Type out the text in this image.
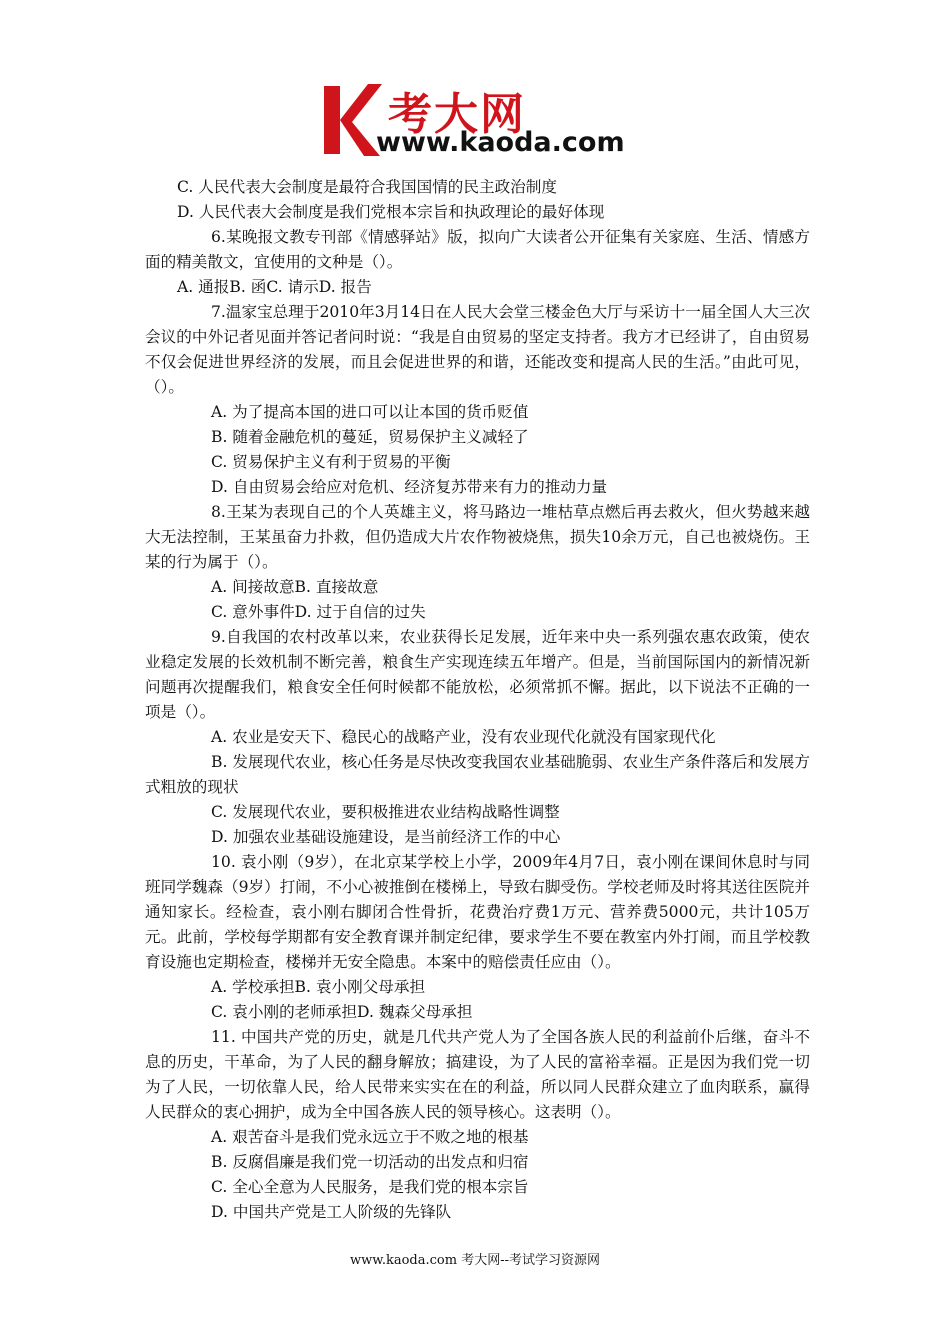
考大网
www.kaoda.com

C. 人民代表大会制度是最符合我国国情的民主政治制度

D. 人民代表大会制度是我们党根本宗旨和执政理论的最好体现

6.某晚报文教专刊部《情感驿站》版，拟向广大读者公开征集有关家庭、生活、情感方面的精美散文，宜使用的文种是（）。

A. 通报B. 函C. 请示D. 报告

7.温家宝总理于2010年3月14日在人民大会堂三楼金色大厅与采访十一届全国人大三次会议的中外记者见面并答记者问时说：“我是自由贸易的坚定支持者。我方才已经讲了，自由贸易不仅会促进世界经济的发展，而且会促进世界的和谐，还能改变和提高人民的生活。”由此可见，（）。

A. 为了提高本国的进口可以让本国的货币贬值

B. 随着金融危机的蔓延，贸易保护主义减轻了

C. 贸易保护主义有利于贸易的平衡

D. 自由贸易会给应对危机、经济复苏带来有力的推动力量

8.王某为表现自己的个人英雄主义，将马路边一堆枯草点燃后再去救火，但火势越来越大无法控制，王某虽奋力扑救，但仍造成大片农作物被烧焦，损失10余万元，自己也被烧伤。王某的行为属于（）。

A. 间接故意B. 直接故意

C. 意外事件D. 过于自信的过失

9.自我国的农村改革以来，农业获得长足发展，近年来中央一系列强农惠农政策，使农业稳定发展的长效机制不断完善，粮食生产实现连续五年增产。但是，当前国际国内的新情况新问题再次提醒我们，粮食安全任何时候都不能放松，必须常抓不懈。据此，以下说法不正确的一项是（）。

A. 农业是安天下、稳民心的战略产业，没有农业现代化就没有国家现代化

B. 发展现代农业，核心任务是尽快改变我国农业基础脆弱、农业生产条件落后和发展方式粗放的现状

C. 发展现代农业，要积极推进农业结构战略性调整

D. 加强农业基础设施建设，是当前经济工作的中心

10. 袁小刚（9岁），在北京某学校上小学，2009年4月7日，袁小刚在课间休息时与同班同学魏森（9岁）打闹，不小心被推倒在楼梯上，导致右脚受伤。学校老师及时将其送往医院并通知家长。经检查，袁小刚右脚闭合性骨折，花费治疗费1万元、营养费5000元，共计105万元。此前，学校每学期都有安全教育课并制定纪律，要求学生不要在教室内外打闹，而且学校教育设施也定期检查，楼梯并无安全隐患。本案中的赔偿责任应由（）。

A. 学校承担B. 袁小刚父母承担

C. 袁小刚的老师承担D. 魏森父母承担

11. 中国共产党的历史，就是几代共产党人为了全国各族人民的利益前仆后继，奋斗不息的历史，干革命，为了人民的翻身解放；搞建设，为了人民的富裕幸福。正是因为我们党一切为了人民，一切依靠人民，给人民带来实实在在的利益，所以同人民群众建立了血肉联系，赢得人民群众的衷心拥护，成为全中国各族人民的领导核心。这表明（）。

A. 艰苦奋斗是我们党永远立于不败之地的根基

B. 反腐倡廉是我们党一切活动的出发点和归宿

C. 全心全意为人民服务，是我们党的根本宗旨

D. 中国共产党是工人阶级的先锋队

www.kaoda.com 考大网--考试学习资源网
